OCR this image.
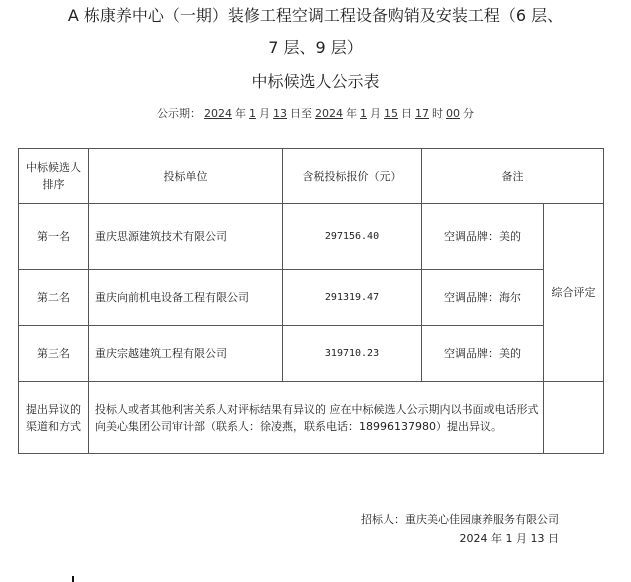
A 栋康养中心（一期）装修工程空调工程设备购销及安装工程（6 层、
7 层、9 层）
中标候选人公示表
公示期： 2024 年 1 月 13 日至 2024 年 1 月 15 日 17 时 00 分
中标候选人排序	投标单位	含税投标报价（元）	备注	
第一名	重庆思源建筑技术有限公司	297156.40	空调品牌：美的	综合评定
第二名	重庆向前机电设备工程有限公司	291319.47	空调品牌：海尔	
第三名	重庆宗越建筑工程有限公司	319710.23	空调品牌：美的	
提出异议的渠道和方式	投标人或者其他利害关系人对评标结果有异议的 应在中标候选人公示期内以书面或电话形式向美心集团公司审计部（联系人：徐凌燕，联系电话：18996137980）提出异议。			
招标人：重庆美心佳园康养服务有限公司
2024 年 1 月 13 日
